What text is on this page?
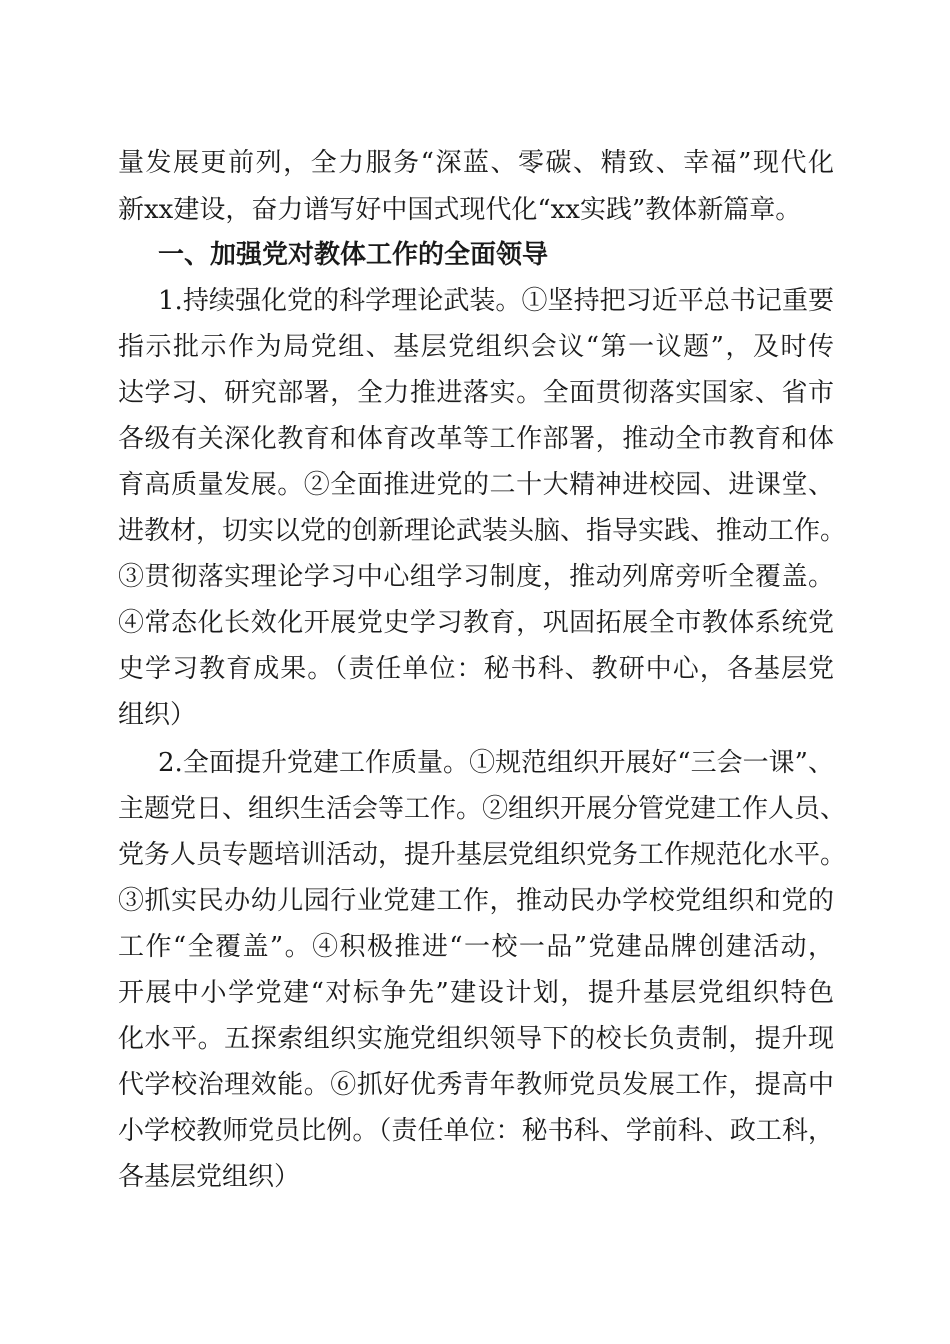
量发展更前列，全力服务“深蓝、零碳、精致、幸福”现代化
新xx建设，奋力谱写好中国式现代化“xx实践”教体新篇章。
一、加强党对教体工作的全面领导
1.持续强化党的科学理论武装。①坚持把习近平总书记重要
指示批示作为局党组、基层党组织会议“第一议题”，及时传
达学习、研究部署，全力推进落实。全面贯彻落实国家、省市
各级有关深化教育和体育改革等工作部署，推动全市教育和体
育高质量发展。②全面推进党的二十大精神进校园、进课堂、
进教材，切实以党的创新理论武装头脑、指导实践、推动工作。
③贯彻落实理论学习中心组学习制度，推动列席旁听全覆盖。
④常态化长效化开展党史学习教育，巩固拓展全市教体系统党
史学习教育成果。（责任单位：秘书科、教研中心，各基层党
组织）
2.全面提升党建工作质量。①规范组织开展好“三会一课”、
主题党日、组织生活会等工作。②组织开展分管党建工作人员、
党务人员专题培训活动，提升基层党组织党务工作规范化水平。
③抓实民办幼儿园行业党建工作，推动民办学校党组织和党的
工作“全覆盖”。④积极推进“一校一品”党建品牌创建活动，
开展中小学党建“对标争先”建设计划，提升基层党组织特色
化水平。五探索组织实施党组织领导下的校长负责制，提升现
代学校治理效能。⑥抓好优秀青年教师党员发展工作，提高中
小学校教师党员比例。（责任单位：秘书科、学前科、政工科，
各基层党组织）
